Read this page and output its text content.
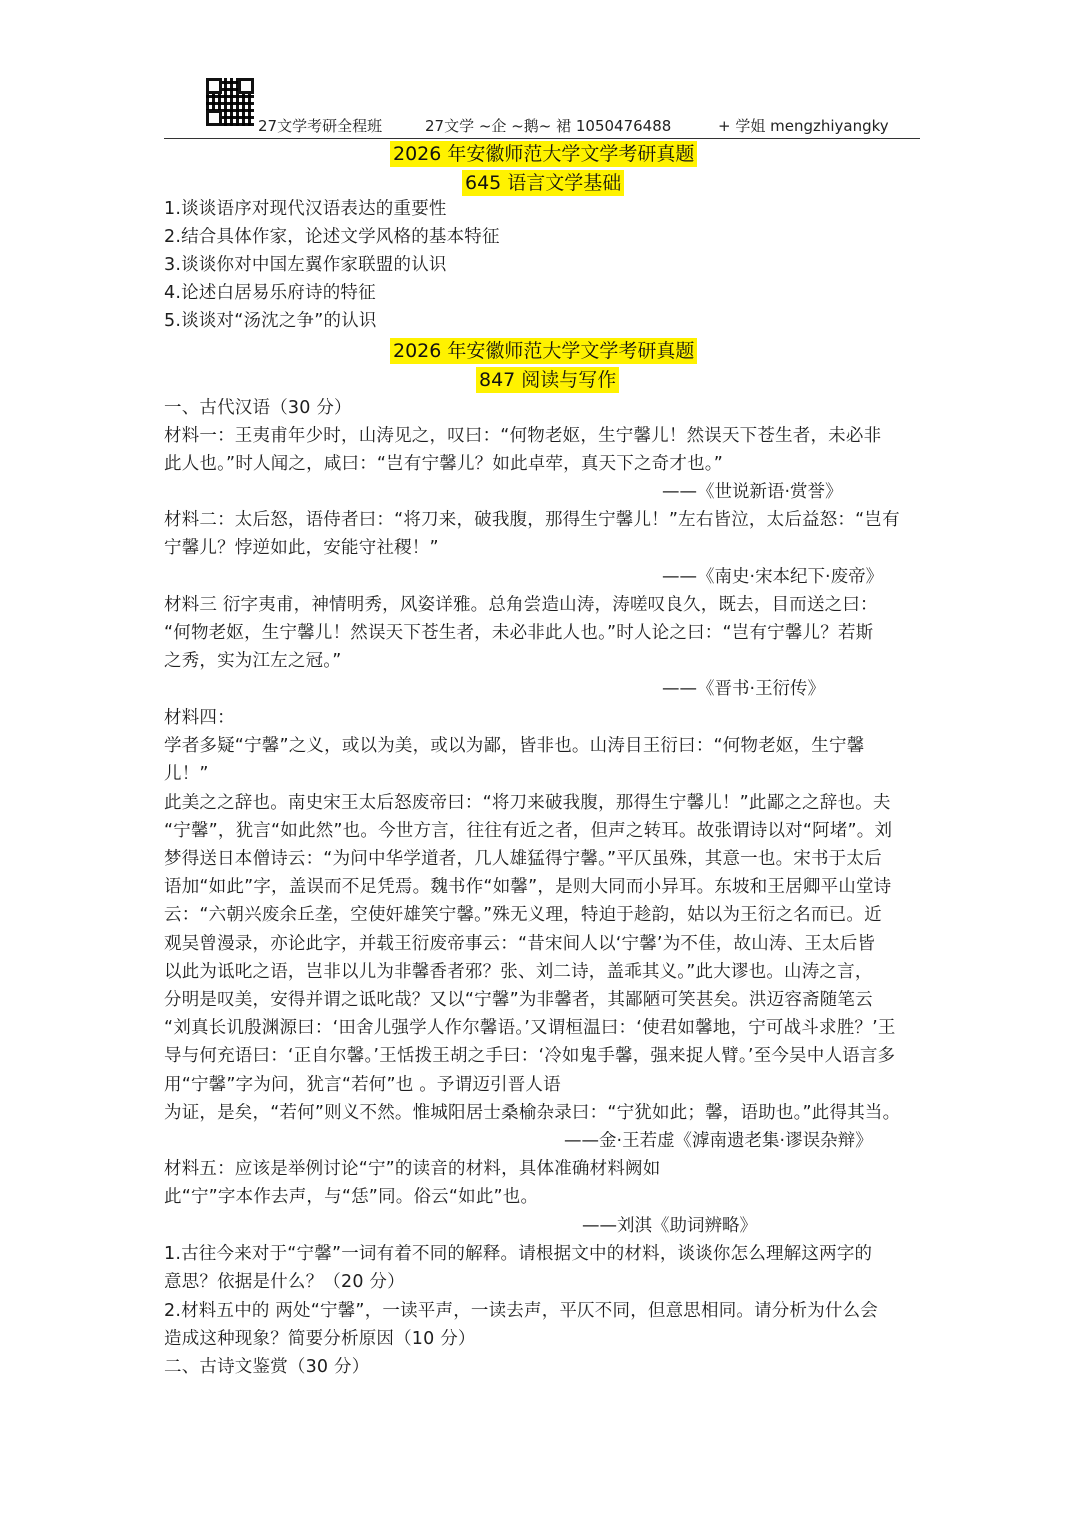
27文学考研全程班

	27文学 ~企 ~鹅~ 裙 1050476488

	+ 学姐 mengzhiyangky

2026 年安徽师范大学文学考研真题
645 语言文学基础
1.谈谈语序对现代汉语表达的重要性
2.结合具体作家，论述文学风格的基本特征
3.谈谈你对中国左翼作家联盟的认识
4.论述白居易乐府诗的特征
5.谈谈对“汤沈之争”的认识
2026 年安徽师范大学文学考研真题
847 阅读与写作
一、古代汉语（30 分）
材料一：王夷甫年少时，山涛见之，叹曰：“何物老妪，生宁馨儿！然误天下苍生者，未必非
此人也。”时人闻之，咸曰：“岂有宁馨儿？如此卓荦，真天下之奇才也。”
——《世说新语·赏誉》
材料二：太后怒，语侍者曰：“将刀来，破我腹，那得生宁馨儿！”左右皆泣，太后益怒：“岂有
宁馨儿？悖逆如此，安能守社稷！”
——《南史·宋本纪下·废帝》
材料三 衍字夷甫，神情明秀，风姿详雅。总角尝造山涛，涛嗟叹良久，既去，目而送之曰：
“何物老妪，生宁馨儿！然误天下苍生者，未必非此人也。”时人论之曰：“岂有宁馨儿？若斯
之秀，实为江左之冠。”
——《晋书·王衍传》
材料四：
学者多疑“宁馨”之义，或以为美，或以为鄙，皆非也。山涛目王衍曰：“何物老妪，生宁馨
儿！”
此美之之辞也。南史宋王太后怒废帝曰：“将刀来破我腹，那得生宁馨儿！”此鄙之之辞也。夫
“宁馨”，犹言“如此然”也。今世方言，往往有近之者，但声之转耳。故张谓诗以对“阿堵”。刘
梦得送日本僧诗云：“为问中华学道者，几人雄猛得宁馨。”平仄虽殊，其意一也。宋书于太后
语加“如此”字，盖误而不足凭焉。魏书作“如馨”，是则大同而小异耳。东坡和王居卿平山堂诗
云：“六朝兴废余丘垄，空使奸雄笑宁馨。”殊无义理，特迫于趁韵，姑以为王衍之名而已。近
观吴曾漫录，亦论此字，并载王衍废帝事云：“昔宋间人以‘宁馨’为不佳，故山涛、王太后皆
以此为诋叱之语，岂非以儿为非馨香者邪？张、刘二诗，盖乖其义。”此大谬也。山涛之言，
分明是叹美，安得并谓之诋叱哉？又以“宁馨”为非馨者，其鄙陋可笑甚矣。洪迈容斋随笔云
“刘真长讥殷渊源曰：‘田舍儿强学人作尔馨语。’又谓桓温曰：‘使君如馨地，宁可战斗求胜？’王
导与何充语曰：‘正自尔馨。’王恬拨王胡之手曰：‘冷如鬼手馨，强来捉人臂。’至今吴中人语言多
用“宁馨”字为问，犹言“若何”也 。予谓迈引晋人语
为证，是矣，“若何”则义不然。惟城阳居士桑榆杂录曰：“宁犹如此；馨，语助也。”此得其当。
——金·王若虚《滹南遗老集·谬误杂辩》
材料五：应该是举例讨论“宁”的读音的材料，具体准确材料阙如
此“宁”字本作去声，与“恁”同。俗云“如此”也。
——刘淇《助词辨略》
1.古往今来对于“宁馨”一词有着不同的解释。请根据文中的材料，谈谈你怎么理解这两字的
意思？依据是什么？（20 分）
2.材料五中的 两处“宁馨”，一读平声，一读去声，平仄不同，但意思相同。请分析为什么会
造成这种现象？简要分析原因（10 分）
二、古诗文鉴赏（30 分）
